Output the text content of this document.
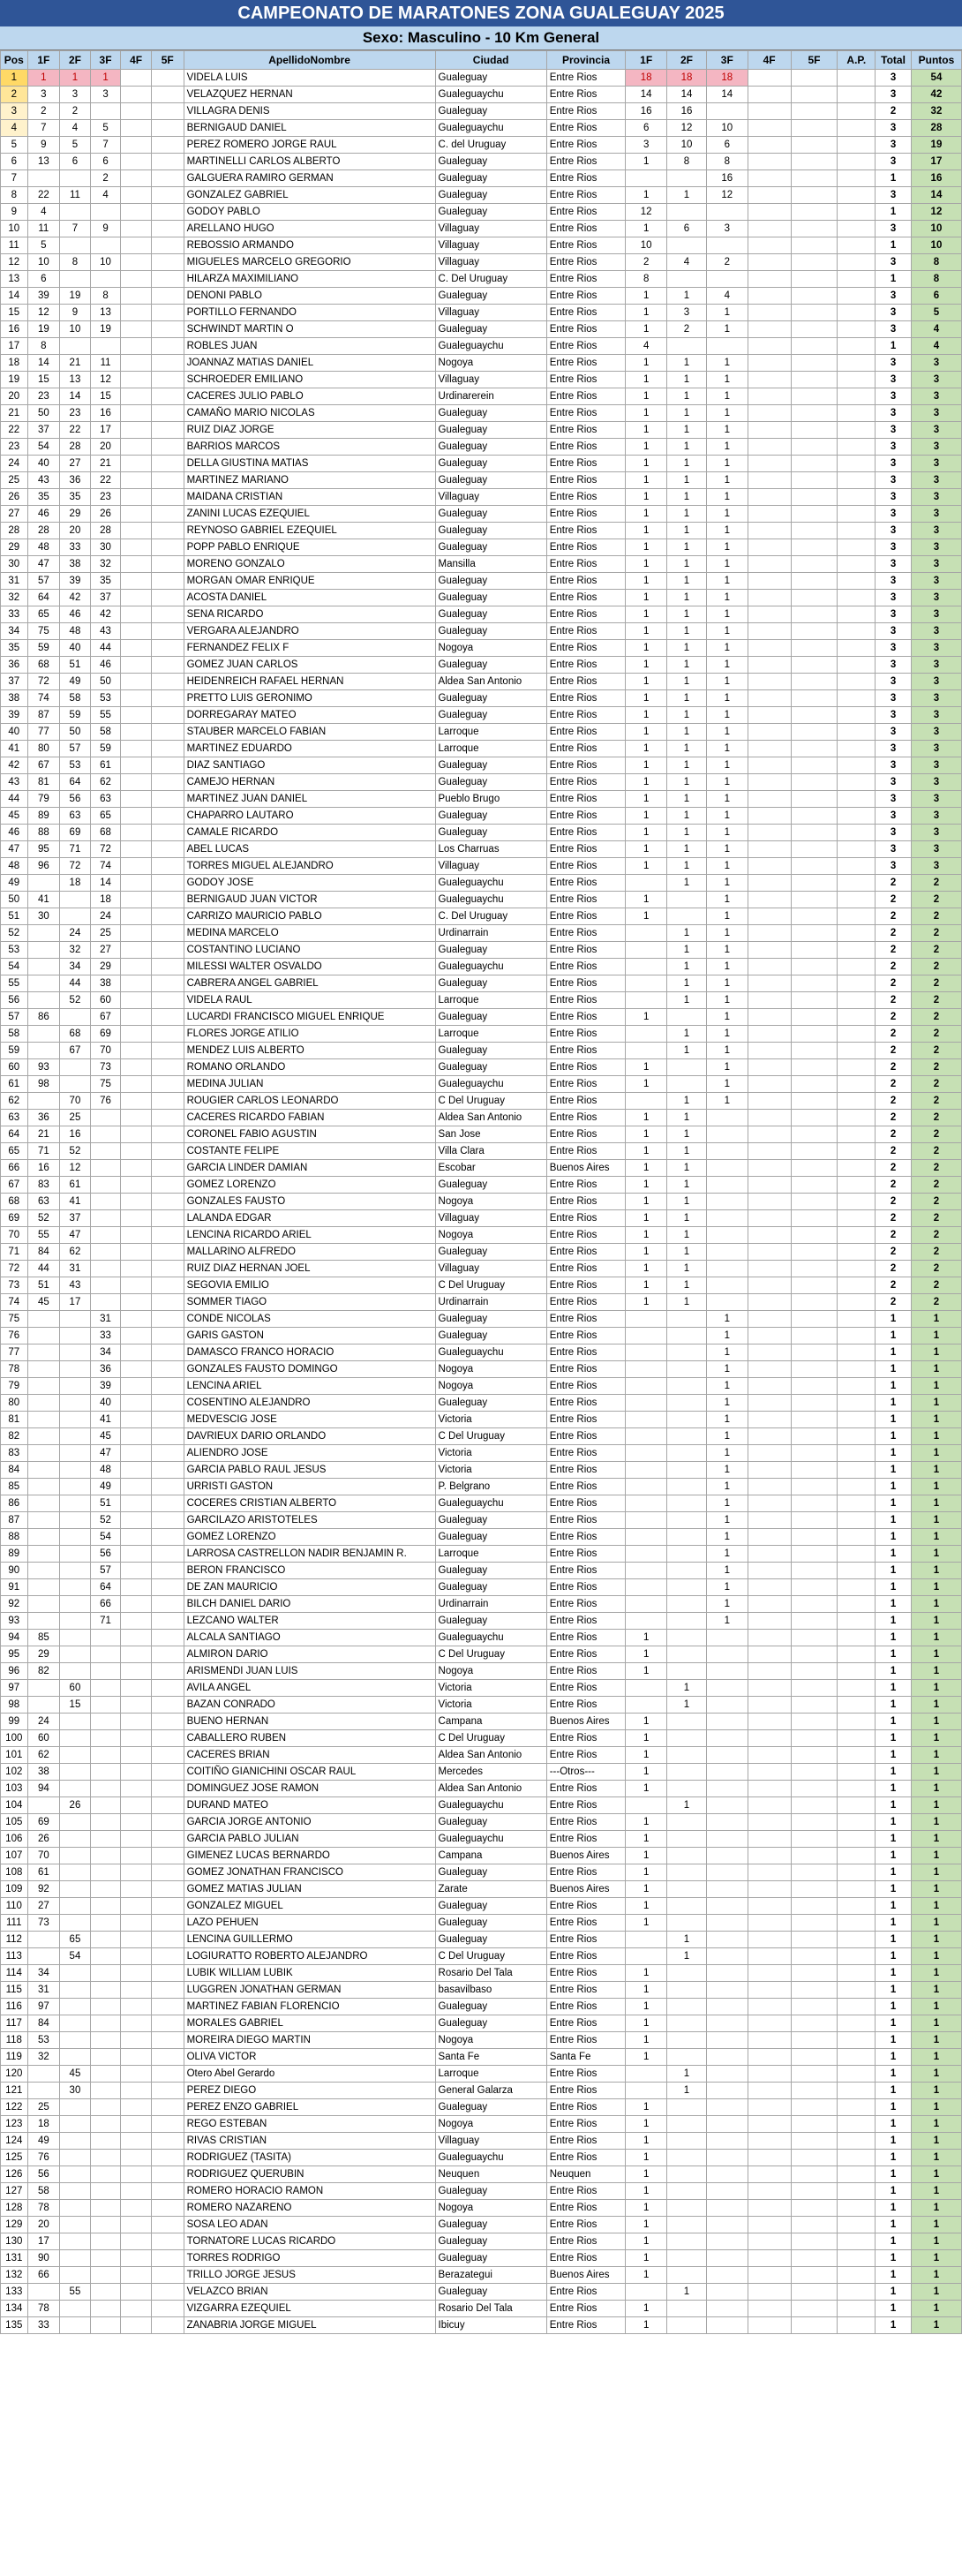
CAMPEONATO DE MARATONES ZONA GUALEGUAY 2025
Sexo: Masculino - 10 Km General
Pos	1F	2F	3F	4F	5F	ApellidoNombre	Ciudad	Provincia	1F	2F	3F	4F	5F	A.P.	Total	Puntos
1	1	1	1			VIDELA LUIS	Gualeguay	Entre Rios	18	18	18				3	54
2	3	3	3			VELAZQUEZ HERNAN	Gualeguaychu	Entre Rios	14	14	14				3	42
3	2	2				VILLAGRA DENIS	Gualeguay	Entre Rios	16	16					2	32
4	7	4	5			BERNIGAUD DANIEL	Gualeguaychu	Entre Rios	6	12	10				3	28
5	9	5	7			PEREZ ROMERO JORGE RAUL	C. del Uruguay	Entre Rios	3	10	6				3	19
6	13	6	6			MARTINELLI CARLOS ALBERTO	Gualeguay	Entre Rios	1	8	8				3	17
7			2			GALGUERA RAMIRO GERMAN	Gualeguay	Entre Rios			16				1	16
8	22	11	4			GONZALEZ GABRIEL	Gualeguay	Entre Rios	1	1	12				3	14
9	4					GODOY PABLO	Gualeguay	Entre Rios	12						1	12
10	11	7	9			ARELLANO HUGO	Villaguay	Entre Rios	1	6	3				3	10
11	5					REBOSSIO ARMANDO	Villaguay	Entre Rios	10						1	10
12	10	8	10			MIGUELES MARCELO GREGORIO	Villaguay	Entre Rios	2	4	2				3	8
13	6					HILARZA MAXIMILIANO	C. Del Uruguay	Entre Rios	8						1	8
14	39	19	8			DENONI PABLO	Gualeguay	Entre Rios	1	1	4				3	6
15	12	9	13			PORTILLO FERNANDO	Villaguay	Entre Rios	1	3	1				3	5
16	19	10	19			SCHWINDT MARTIN O	Gualeguay	Entre Rios	1	2	1				3	4
17	8					ROBLES JUAN	Gualeguaychu	Entre Rios	4						1	4
18	14	21	11			JOANNAZ MATIAS DANIEL	Nogoya	Entre Rios	1	1	1				3	3
19	15	13	12			SCHROEDER EMILIANO	Villaguay	Entre Rios	1	1	1				3	3
20	23	14	15			CACERES JULIO PABLO	Urdinarerein	Entre Rios	1	1	1				3	3
21	50	23	16			CAMAÑO MARIO NICOLAS	Gualeguay	Entre Rios	1	1	1				3	3
22	37	22	17			RUIZ DIAZ JORGE	Gualeguay	Entre Rios	1	1	1				3	3
23	54	28	20			BARRIOS MARCOS	Gualeguay	Entre Rios	1	1	1				3	3
24	40	27	21			DELLA GIUSTINA MATIAS	Gualeguay	Entre Rios	1	1	1				3	3
25	43	36	22			MARTINEZ MARIANO	Gualeguay	Entre Rios	1	1	1				3	3
26	35	35	23			MAIDANA CRISTIAN	Villaguay	Entre Rios	1	1	1				3	3
27	46	29	26			ZANINI LUCAS EZEQUIEL	Gualeguay	Entre Rios	1	1	1				3	3
28	28	20	28			REYNOSO GABRIEL EZEQUIEL	Gualeguay	Entre Rios	1	1	1				3	3
29	48	33	30			POPP PABLO ENRIQUE	Gualeguay	Entre Rios	1	1	1				3	3
30	47	38	32			MORENO GONZALO	Mansilla	Entre Rios	1	1	1				3	3
31	57	39	35			MORGAN OMAR ENRIQUE	Gualeguay	Entre Rios	1	1	1				3	3
32	64	42	37			ACOSTA DANIEL	Gualeguay	Entre Rios	1	1	1				3	3
33	65	46	42			SENA RICARDO	Gualeguay	Entre Rios	1	1	1				3	3
34	75	48	43			VERGARA ALEJANDRO	Gualeguay	Entre Rios	1	1	1				3	3
35	59	40	44			FERNANDEZ FELIX F	Nogoya	Entre Rios	1	1	1				3	3
36	68	51	46			GOMEZ JUAN CARLOS	Gualeguay	Entre Rios	1	1	1				3	3
37	72	49	50			HEIDENREICH RAFAEL HERNAN	Aldea San Antonio	Entre Rios	1	1	1				3	3
38	74	58	53			PRETTO LUIS GERONIMO	Gualeguay	Entre Rios	1	1	1				3	3
39	87	59	55			DORREGARAY MATEO	Gualeguay	Entre Rios	1	1	1				3	3
40	77	50	58			STAUBER MARCELO FABIAN	Larroque	Entre Rios	1	1	1				3	3
41	80	57	59			MARTINEZ EDUARDO	Larroque	Entre Rios	1	1	1				3	3
42	67	53	61			DIAZ SANTIAGO	Gualeguay	Entre Rios	1	1	1				3	3
43	81	64	62			CAMEJO HERNAN	Gualeguay	Entre Rios	1	1	1				3	3
44	79	56	63			MARTINEZ JUAN DANIEL	Pueblo Brugo	Entre Rios	1	1	1				3	3
45	89	63	65			CHAPARRO LAUTARO	Gualeguay	Entre Rios	1	1	1				3	3
46	88	69	68			CAMALE RICARDO	Gualeguay	Entre Rios	1	1	1				3	3
47	95	71	72			ABEL LUCAS	Los Charruas	Entre Rios	1	1	1				3	3
48	96	72	74			TORRES MIGUEL ALEJANDRO	Villaguay	Entre Rios	1	1	1				3	3
49		18	14			GODOY JOSE	Gualeguaychu	Entre Rios		1	1				2	2
50	41		18			BERNIGAUD JUAN VICTOR	Gualeguaychu	Entre Rios	1		1				2	2
51	30		24			CARRIZO MAURICIO PABLO	C. Del Uruguay	Entre Rios	1		1				2	2
52		24	25			MEDINA MARCELO	Urdinarrain	Entre Rios		1	1				2	2
53		32	27			COSTANTINO LUCIANO	Gualeguay	Entre Rios		1	1				2	2
54		34	29			MILESSI WALTER OSVALDO	Gualeguaychu	Entre Rios		1	1				2	2
55		44	38			CABRERA ANGEL GABRIEL	Gualeguay	Entre Rios		1	1				2	2
56		52	60			VIDELA RAUL	Larroque	Entre Rios		1	1				2	2
57	86		67			LUCARDI FRANCISCO MIGUEL ENRIQUE	Gualeguay	Entre Rios	1		1				2	2
58		68	69			FLORES JORGE ATILIO	Larroque	Entre Rios		1	1				2	2
59		67	70			MENDEZ LUIS ALBERTO	Gualeguay	Entre Rios		1	1				2	2
60	93		73			ROMANO ORLANDO	Gualeguay	Entre Rios	1		1				2	2
61	98		75			MEDINA JULIAN	Gualeguaychu	Entre Rios	1		1				2	2
62		70	76			ROUGIER CARLOS LEONARDO	C Del Uruguay	Entre Rios		1	1				2	2
63	36	25				CACERES RICARDO FABIAN	Aldea San Antonio	Entre Rios	1	1					2	2
64	21	16				CORONEL FABIO AGUSTIN	San Jose	Entre Rios	1	1					2	2
65	71	52				COSTANTE FELIPE	Villa Clara	Entre Rios	1	1					2	2
66	16	12				GARCIA LINDER DAMIAN	Escobar	Buenos Aires	1	1					2	2
67	83	61				GOMEZ LORENZO	Gualeguay	Entre Rios	1	1					2	2
68	63	41				GONZALES FAUSTO	Nogoya	Entre Rios	1	1					2	2
69	52	37				LALANDA EDGAR	Villaguay	Entre Rios	1	1					2	2
70	55	47				LENCINA RICARDO ARIEL	Nogoya	Entre Rios	1	1					2	2
71	84	62				MALLARINO ALFREDO	Gualeguay	Entre Rios	1	1					2	2
72	44	31				RUIZ DIAZ HERNAN JOEL	Villaguay	Entre Rios	1	1					2	2
73	51	43				SEGOVIA EMILIO	C Del Uruguay	Entre Rios	1	1					2	2
74	45	17				SOMMER TIAGO	Urdinarrain	Entre Rios	1	1					2	2
75			31			CONDE NICOLAS	Gualeguay	Entre Rios			1				1	1
76			33			GARIS GASTON	Gualeguay	Entre Rios			1				1	1
77			34			DAMASCO FRANCO HORACIO	Gualeguaychu	Entre Rios			1				1	1
78			36			GONZALES FAUSTO DOMINGO	Nogoya	Entre Rios			1				1	1
79			39			LENCINA ARIEL	Nogoya	Entre Rios			1				1	1
80			40			COSENTINO ALEJANDRO	Gualeguay	Entre Rios			1				1	1
81			41			MEDVESCIG JOSE	Victoria	Entre Rios			1				1	1
82			45			DAVRIEUX DARIO ORLANDO	C Del Uruguay	Entre Rios			1				1	1
83			47			ALIENDRO JOSE	Victoria	Entre Rios			1				1	1
84			48			GARCIA PABLO RAUL JESUS	Victoria	Entre Rios			1				1	1
85			49			URRISTI GASTON	P. Belgrano	Entre Rios			1				1	1
86			51			COCERES CRISTIAN ALBERTO	Gualeguaychu	Entre Rios			1				1	1
87			52			GARCILAZO ARISTOTELES	Gualeguay	Entre Rios			1				1	1
88			54			GOMEZ LORENZO	Gualeguay	Entre Rios			1				1	1
89			56			LARROSA CASTRELLON NADIR BENJAMIN R.	Larroque	Entre Rios			1				1	1
90			57			BERON FRANCISCO	Gualeguay	Entre Rios			1				1	1
91			64			DE ZAN MAURICIO	Gualeguay	Entre Rios			1				1	1
92			66			BILCH DANIEL DARIO	Urdinarrain	Entre Rios			1				1	1
93			71			LEZCANO WALTER	Gualeguay	Entre Rios			1				1	1
94	85					ALCALA SANTIAGO	Gualeguaychu	Entre Rios	1						1	1
95	29					ALMIRON DARIO	C Del Uruguay	Entre Rios	1						1	1
96	82					ARISMENDI JUAN LUIS	Nogoya	Entre Rios	1						1	1
97		60				AVILA ANGEL	Victoria	Entre Rios		1					1	1
98		15				BAZAN CONRADO	Victoria	Entre Rios		1					1	1
99	24					BUENO HERNAN	Campana	Buenos Aires	1						1	1
100	60					CABALLERO RUBEN	C Del Uruguay	Entre Rios	1						1	1
101	62					CACERES BRIAN	Aldea San Antonio	Entre Rios	1						1	1
102	38					COITIÑO GIANICHINI OSCAR RAUL	Mercedes	---Otros---	1						1	1
103	94					DOMINGUEZ JOSE RAMON	Aldea San Antonio	Entre Rios	1						1	1
104		26				DURAND MATEO	Gualeguaychu	Entre Rios		1					1	1
105	69					GARCIA JORGE ANTONIO	Gualeguay	Entre Rios	1						1	1
106	26					GARCIA PABLO JULIAN	Gualeguaychu	Entre Rios	1						1	1
107	70					GIMENEZ LUCAS BERNARDO	Campana	Buenos Aires	1						1	1
108	61					GOMEZ JONATHAN FRANCISCO	Gualeguay	Entre Rios	1						1	1
109	92					GOMEZ MATIAS JULIAN	Zarate	Buenos Aires	1						1	1
110	27					GONZALEZ MIGUEL	Gualeguay	Entre Rios	1						1	1
111	73					LAZO PEHUEN	Gualeguay	Entre Rios	1						1	1
112		65				LENCINA GUILLERMO	Gualeguay	Entre Rios		1					1	1
113		54				LOGIURATTO ROBERTO ALEJANDRO	C Del Uruguay	Entre Rios		1					1	1
114	34					LUBIK WILLIAM LUBIK	Rosario Del Tala	Entre Rios	1						1	1
115	31					LUGGREN JONATHAN GERMAN	basavilbaso	Entre Rios	1						1	1
116	97					MARTINEZ FABIAN FLORENCIO	Gualeguay	Entre Rios	1						1	1
117	84					MORALES GABRIEL	Gualeguay	Entre Rios	1						1	1
118	53					MOREIRA DIEGO MARTIN	Nogoya	Entre Rios	1						1	1
119	32					OLIVA VICTOR	Santa Fe	Santa Fe	1						1	1
120		45				Otero Abel Gerardo	Larroque	Entre Rios		1					1	1
121		30				PEREZ DIEGO	General Galarza	Entre Rios		1					1	1
122	25					PEREZ ENZO GABRIEL	Gualeguay	Entre Rios	1						1	1
123	18					REGO ESTEBAN	Nogoya	Entre Rios	1						1	1
124	49					RIVAS CRISTIAN	Villaguay	Entre Rios	1						1	1
125	76					RODRIGUEZ (TASITA)	Gualeguaychu	Entre Rios	1						1	1
126	56					RODRIGUEZ QUERUBIN	Neuquen	Neuquen	1						1	1
127	58					ROMERO HORACIO RAMON	Gualeguay	Entre Rios	1						1	1
128	78					ROMERO NAZARENO	Nogoya	Entre Rios	1						1	1
129	20					SOSA LEO ADAN	Gualeguay	Entre Rios	1						1	1
130	17					TORNATORE LUCAS RICARDO	Gualeguay	Entre Rios	1						1	1
131	90					TORRES RODRIGO	Gualeguay	Entre Rios	1						1	1
132	66					TRILLO JORGE JESUS	Berazategui	Buenos Aires	1						1	1
133		55				VELAZCO BRIAN	Gualeguay	Entre Rios		1					1	1
134	78					VIZGARRA EZEQUIEL	Rosario Del Tala	Entre Rios	1						1	1
135	33					ZANABRIA JORGE MIGUEL	Ibicuy	Entre Rios	1						1	1
